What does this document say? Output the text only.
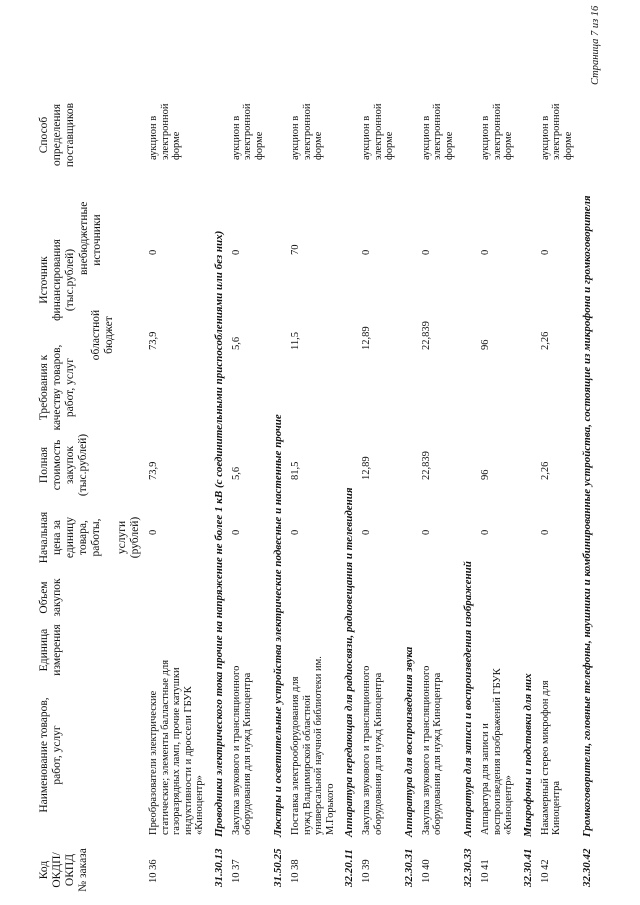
Код ОКДП/ ОКПД № заказа
Наименование товаров, работ, услуг
Единица измерения
Объем закупок
Начальная цена за единицу товара, работы, услуги (рублей)
Полная стоимость закупок (тыс.рублей)
Требования к качеству товаров, работ, услуг
Источник финансирования (тыс.рублей)
областной бюджет
внебюджетные источники
Способ определения поставщиков
10 36
Преобразователи электрические статические; элементы балластные для газоразрядных ламп, прочие катушки индуктивности и дроссели ГБУК «Киноцентр»
0
73,9
73,9
0
аукцион в электронной форме
31.30.13
Проводники электрического тока прочие на напряжение не более 1 кВ (с соединительными приспособлениями или без них)
10 37
Закупка звукового и трансляционного оборудования для нужд Киноцентра
0
5,6
5,6
0
аукцион в электронной форме
31.50.25
Люстры и осветительные устройства электрические подвесные и настенные прочие
10 38
Поставка электрооборудования для нужд Владимирской областной универсальной научной библиотеки им. М.Горького
0
81,5
11,5
70
аукцион в электронной форме
32.20.11
Аппаратура передающая для радиосвязи, радиовещания и телевидения
10 39
Закупка звукового и трансляционного оборудования для нужд Киноцентра
0
12,89
12,89
0
аукцион в электронной форме
32.30.31
Аппаратура для воспроизведения звука
10 40
Закупка звукового и трансляционного оборудования для нужд Киноцентра
0
22,839
22,839
0
аукцион в электронной форме
32.30.33
Аппаратура для записи и воспроизведения изображений
10 41
Аппаратура для записи и воспроизведения изображений ГБУК «Киноцентр»
0
96
96
0
аукцион в электронной форме
32.30.41
Микрофоны и подставки для них
10 42
Накамерный стерео микрофон для Киноцентра
0
2,26
2,26
0
аукцион в электронной форме
32.30.42
Громкоговорители, головные телефоны, наушники и комбинированные устройства, состоящие из микрофона и громкоговорителя
Страница 7 из 16
